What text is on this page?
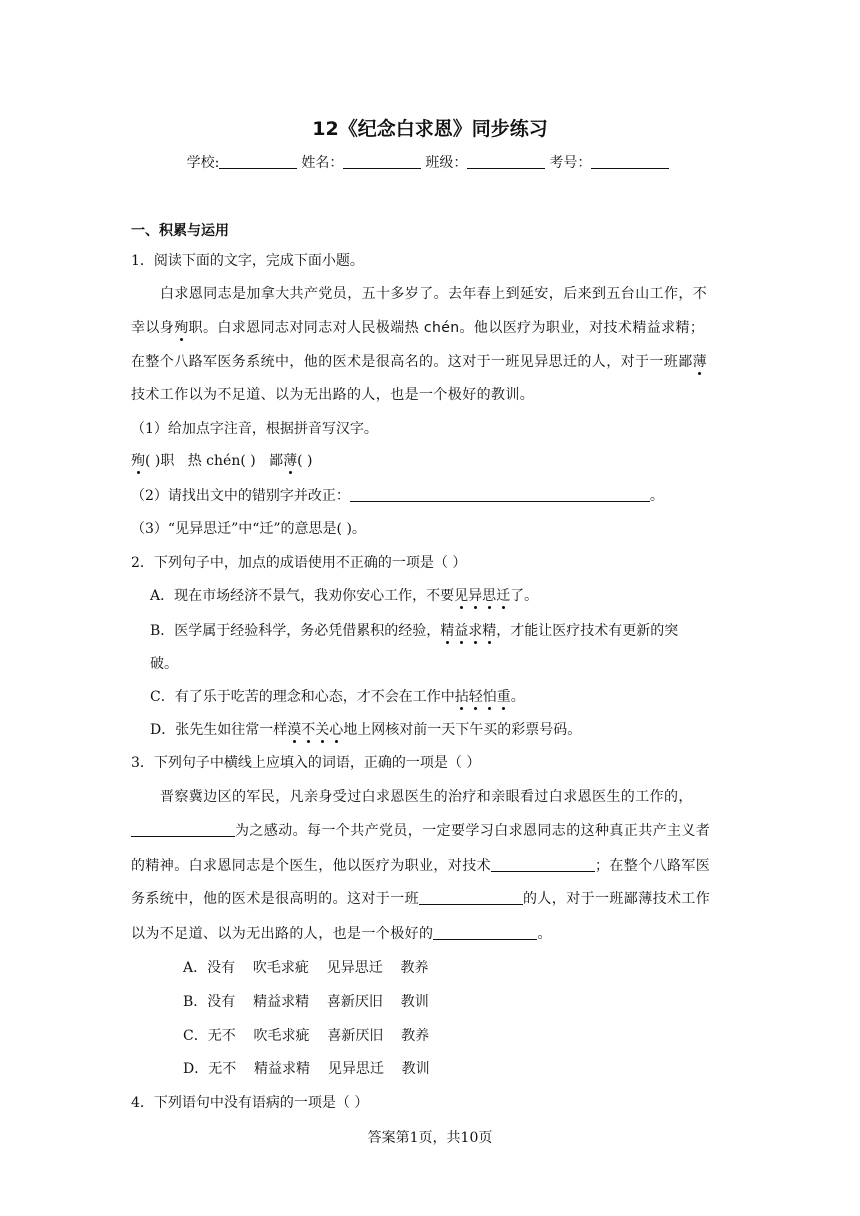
12《纪念白求恩》同步练习
学校:	姓名：	班级：	考号：
一、积累与运用
1．阅读下面的文字，完成下面小题。
白求恩同志是加拿大共产党员，五十多岁了。去年春上到延安，后来到五台山工作，不
幸以身殉职。白求恩同志对同志对人民极端热 chén。他以医疗为职业，对技术精益求精；
在整个八路军医务系统中，他的医术是很高名的。这对于一班见异思迁的人，对于一班鄙薄
技术工作以为不足道、以为无出路的人，也是一个极好的教训。
（1）给加点字注音，根据拼音写汉字。
殉( )职 热 chén( ) 鄙薄( )
（2）请找出文中的错别字并改正：	。
（3）“见异思迁”中“迁”的意思是( )。
2．下列句子中，加点的成语使用不正确的一项是（ ）
A．现在市场经济不景气，我劝你安心工作，不要见异思迁了。
B．医学属于经验科学，务必凭借累积的经验，精益求精，才能让医疗技术有更新的突
破。
C．有了乐于吃苦的理念和心态，才不会在工作中拈轻怕重。
D．张先生如往常一样漠不关心地上网核对前一天下午买的彩票号码。
3．下列句子中横线上应填入的词语，正确的一项是（ ）
晋察冀边区的军民，凡亲身受过白求恩医生的治疗和亲眼看过白求恩医生的工作的，
为之感动。每一个共产党员，一定要学习白求恩同志的这种真正共产主义者
的精神。白求恩同志是个医生，他以医疗为职业，对技术	；在整个八路军医
务系统中，他的医术是很高明的。这对于一班	的人，对于一班鄙薄技术工作
以为不足道、以为无出路的人，也是一个极好的	。
A．没有    吹毛求疵    见异思迁    教养
B．没有    精益求精    喜新厌旧    教训
C．无不    吹毛求疵    喜新厌旧    教养
D．无不    精益求精    见异思迁    教训
4．下列语句中没有语病的一项是（ ）
答案第1页，共10页
